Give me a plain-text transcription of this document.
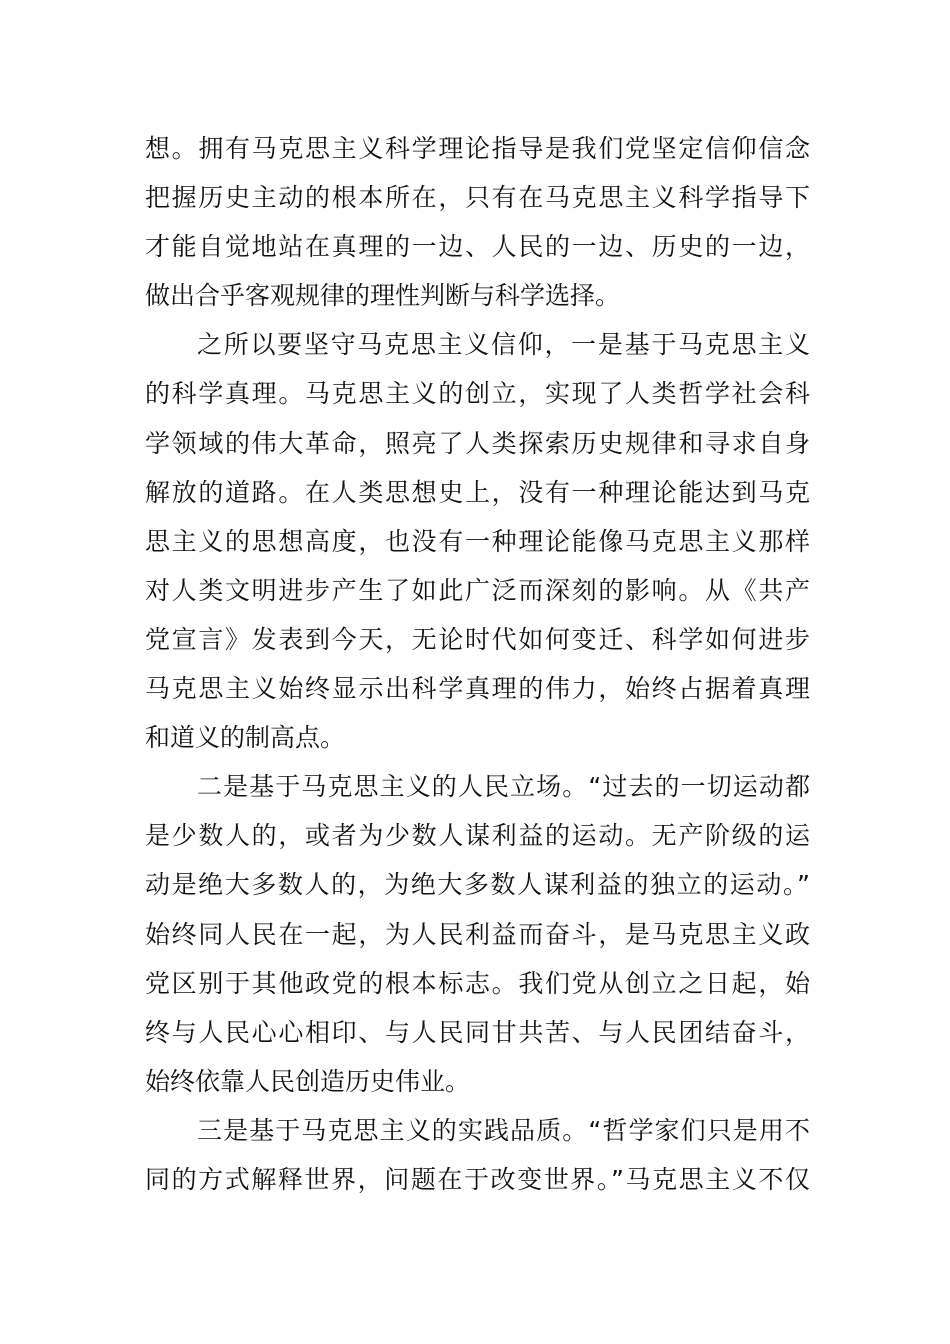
想。拥有马克思主义科学理论指导是我们党坚定信仰信念
把握历史主动的根本所在，只有在马克思主义科学指导下
才能自觉地站在真理的一边、人民的一边、历史的一边，
做出合乎客观规律的理性判断与科学选择。
之所以要坚守马克思主义信仰，一是基于马克思主义
的科学真理。马克思主义的创立，实现了人类哲学社会科
学领域的伟大革命，照亮了人类探索历史规律和寻求自身
解放的道路。在人类思想史上，没有一种理论能达到马克
思主义的思想高度，也没有一种理论能像马克思主义那样
对人类文明进步产生了如此广泛而深刻的影响。从《共产
党宣言》发表到今天，无论时代如何变迁、科学如何进步
马克思主义始终显示出科学真理的伟力，始终占据着真理
和道义的制高点。
二是基于马克思主义的人民立场。“过去的一切运动都
是少数人的，或者为少数人谋利益的运动。无产阶级的运
动是绝大多数人的，为绝大多数人谋利益的独立的运动。”
始终同人民在一起，为人民利益而奋斗，是马克思主义政
党区别于其他政党的根本标志。我们党从创立之日起，始
终与人民心心相印、与人民同甘共苦、与人民团结奋斗，
始终依靠人民创造历史伟业。
三是基于马克思主义的实践品质。“哲学家们只是用不
同的方式解释世界，问题在于改变世界。”马克思主义不仅
